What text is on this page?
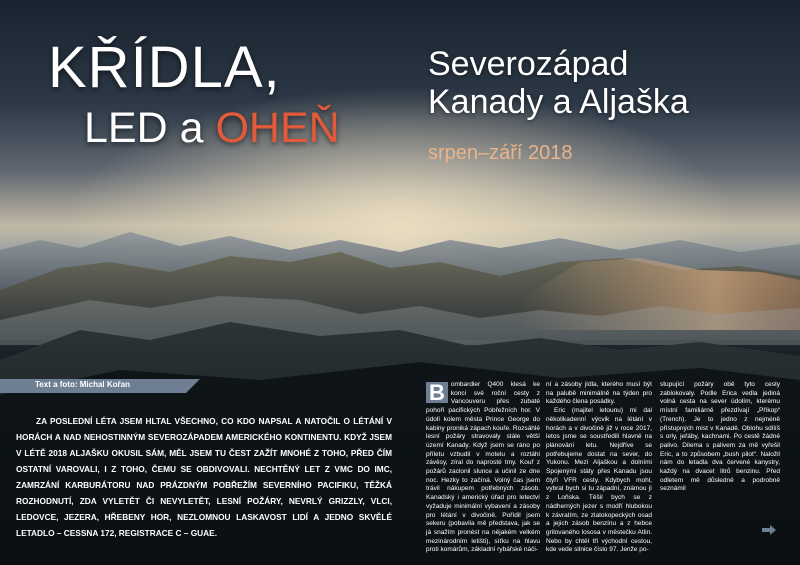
KŘÍDLA,
LED a OHEŇ
Severozápad
Kanady a Aljaška
srpen–září 2018
Text a foto: Michal Kořan
ZA POSLEDNÍ LÉTA JSEM HLTAL VŠECHNO, CO KDO NAPSAL A NATOČIL O LÉTÁNÍ V HORÁCH A NAD NEHOSTINNÝM SEVEROZÁPADEM AMERICKÉHO KONTINENTU. KDYŽ JSEM V LÉTĚ 2018 ALJAŠKU OKUSIL SÁM, MĚL JSEM TU ČEST ZAŽÍT MNOHÉ Z TOHO, PŘED ČÍM OSTATNÍ VAROVALI, I Z TOHO, ČEMU SE OBDIVOVALI. NECHTĚNÝ LET Z VMC DO IMC, ZAMRZÁNÍ KARBURÁTORU NAD PRÁZDNÝM POBŘEŽÍM SEVERNÍHO PACIFIKU, TĚŽKÁ ROZHODNUTÍ, ZDA VYLETĚT ČI NEVYLETĚT, LESNÍ POŽÁRY, NEVRLÝ GRIZZLY, VLCI, LEDOVCE, JEZERA, HŘEBENY HOR, NEZLOMNOU LASKAVOST LIDÍ A JEDNO SKVĚLÉ LETADLO – CESSNA 172, REGISTRACE C – GUAE.

B ombardier Q400 klesá ke konci své roční cesty z Vancouveru přes zubaté pohoří pacifických Pobřežních hor. V údolí kolem města Prince George do kabiny proniká zápach kouře. Rozsáhlé lesní požáry stravovaly stále větší území Kanady. Když jsem se ráno po příletu vzbudil v motelu a roztáhl závěsy, zíral do naprosté tmy. Kouř z požárů zaclonil slunce a učinil ze dne noc. Hezky to začíná. Volný čas jsem trávil nákupem potřebných zásob. Kanadský i americký úřad pro letectví vyžaduje minimální vybavení a zásoby pro létání v divočině. Pořídil jsem sekeru (pobavila mě představa, jak se já snažím pronést na nějakém velkém mezinárodním letišti), síťku na hlavu proti komárům, základní rybářské náči-

ní a zásoby jídla, kterého musí být na palubě minimálně na týden pro každého člena posádky.

Eric (majitel letounu) mi dal několikadenní výcvik na létání v horách a v divočině již v roce 2017, letos jsme se soustředili hlavně na plánování letu. Nejdříve se potřebujeme dostat na sever, do Yukonu. Mezi Aljaškou a dolními Spojenými státy přes Kanadu jsou čtyři VFR cesty. Kdybych mohl, vybral bych si tu západní, známou jí z Loňska. Těšil bych se z nádherných jezer s modří hlubokou k závratím, ze zlatokopeckých osad a jejich zásob benzínu a z hebce grilovaného lososa v městečku Atlin. Nebo by chtěl tři východní cestou, kde vede silnice číslo 97. Jenže po-

stupující požáry obě tyto cesty zablokovaly. Podle Erica vedla jediná volná cesta na sever údolím, kterému místní familiárně přezdívají „Příkop“ (Trench). Je to jedno z nejméně přístupných míst v Kanadě. Oblohu sdílíš s orly, jeřáby, kachnami. Po cestě žádné palivo. Dilema s palivem za mě vyřešil Eric, a to způsobem „bush pilot“. Naložil nám do letadla dva červené kanystry, každý na dvacet litrů benzinu. Před odletem mě důsledně a podrobně seznámil
